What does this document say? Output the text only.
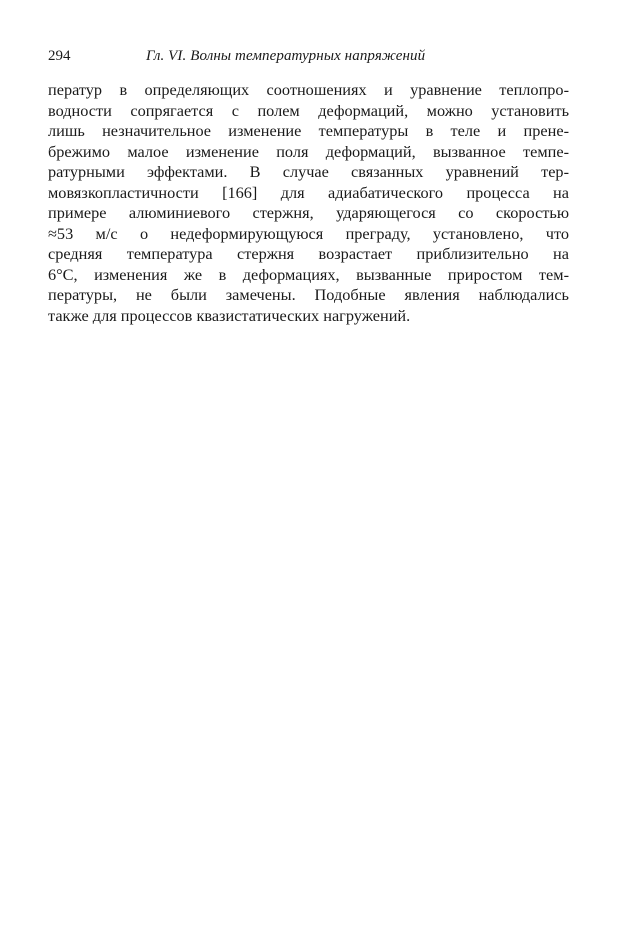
294	Гл. VI. Волны температурных напряжений
ператур в определяющих соотношениях и уравнение теплопро-
водности сопрягается с полем деформаций, можно установить
лишь незначительное изменение температуры в теле и прене-
брежимо малое изменение поля деформаций, вызванное темпе-
ратурными эффектами. В случае связанных уравнений тер-
мовязкопластичности [166] для адиабатического процесса на
примере алюминиевого стержня, ударяющегося со скоростью
≈53 м/с о недеформирующуюся преграду, установлено, что
средняя температура стержня возрастает приблизительно на
6°C, изменения же в деформациях, вызванные приростом тем-
пературы, не были замечены. Подобные явления наблюдались
также для процессов квазистатических нагружений.
